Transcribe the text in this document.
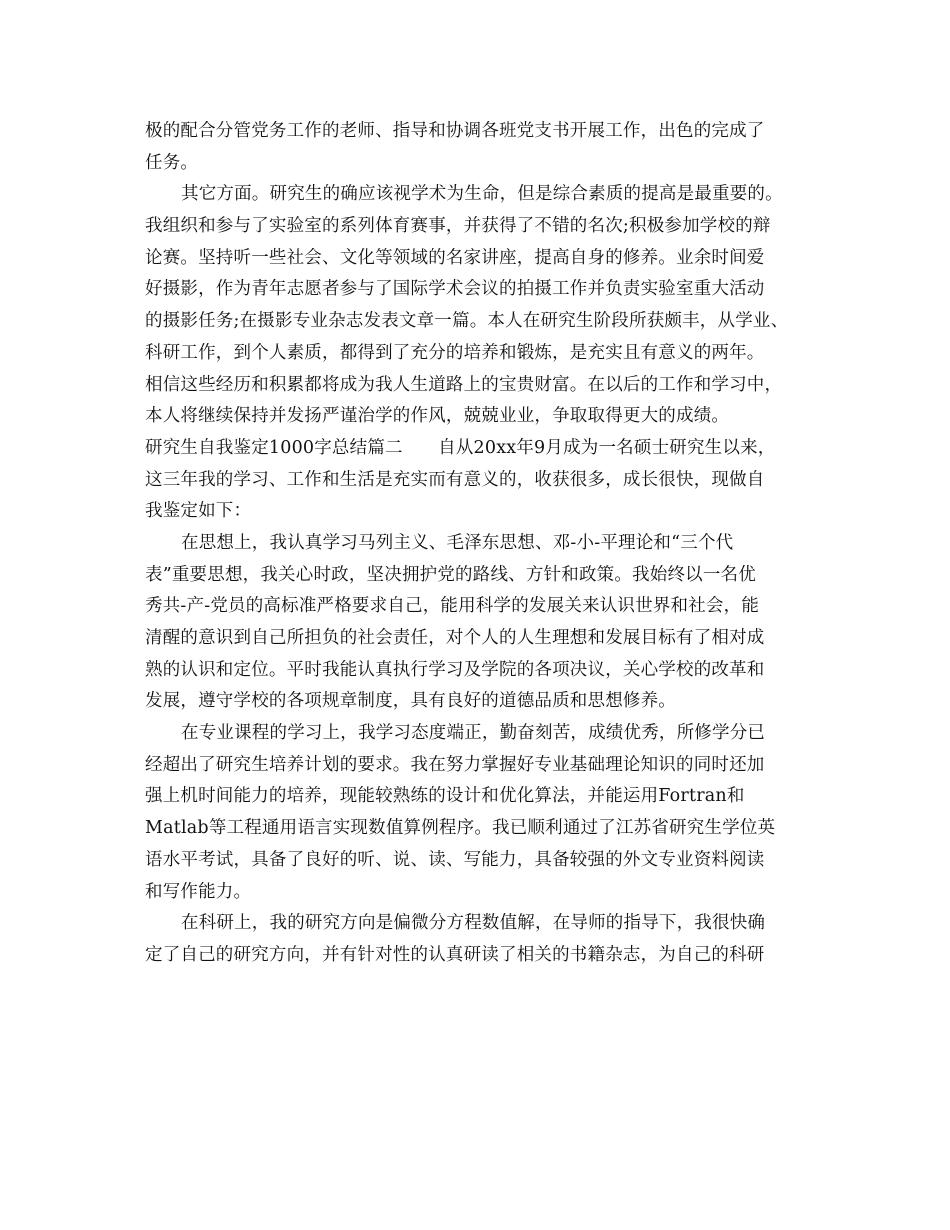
极的配合分管党务工作的老师、指导和协调各班党支书开展工作，出色的完成了
任务。
其它方面。研究生的确应该视学术为生命，但是综合素质的提高是最重要的。
我组织和参与了实验室的系列体育赛事，并获得了不错的名次;积极参加学校的辩
论赛。坚持听一些社会、文化等领域的名家讲座，提高自身的修养。业余时间爱
好摄影，作为青年志愿者参与了国际学术会议的拍摄工作并负责实验室重大活动
的摄影任务;在摄影专业杂志发表文章一篇。本人在研究生阶段所获颇丰，从学业、
科研工作，到个人素质，都得到了充分的培养和锻炼，是充实且有意义的两年。
相信这些经历和积累都将成为我人生道路上的宝贵财富。在以后的工作和学习中，
本人将继续保持并发扬严谨治学的作风，兢兢业业，争取取得更大的成绩。
研究生自我鉴定1000字总结篇二　　自从20xx年9月成为一名硕士研究生以来，
这三年我的学习、工作和生活是充实而有意义的，收获很多，成长很快，现做自
我鉴定如下：
在思想上，我认真学习马列主义、毛泽东思想、邓-小-平理论和“三个代
表”重要思想，我关心时政，坚决拥护党的路线、方针和政策。我始终以一名优
秀共-产-党员的高标准严格要求自己，能用科学的发展关来认识世界和社会，能
清醒的意识到自己所担负的社会责任，对个人的人生理想和发展目标有了相对成
熟的认识和定位。平时我能认真执行学习及学院的各项决议，关心学校的改革和
发展，遵守学校的各项规章制度，具有良好的道德品质和思想修养。
在专业课程的学习上，我学习态度端正，勤奋刻苦，成绩优秀，所修学分已
经超出了研究生培养计划的要求。我在努力掌握好专业基础理论知识的同时还加
强上机时间能力的培养，现能较熟练的设计和优化算法，并能运用Fortran和
Matlab等工程通用语言实现数值算例程序。我已顺利通过了江苏省研究生学位英
语水平考试，具备了良好的听、说、读、写能力，具备较强的外文专业资料阅读
和写作能力。
在科研上，我的研究方向是偏微分方程数值解，在导师的指导下，我很快确
定了自己的研究方向，并有针对性的认真研读了相关的书籍杂志，为自己的科研
